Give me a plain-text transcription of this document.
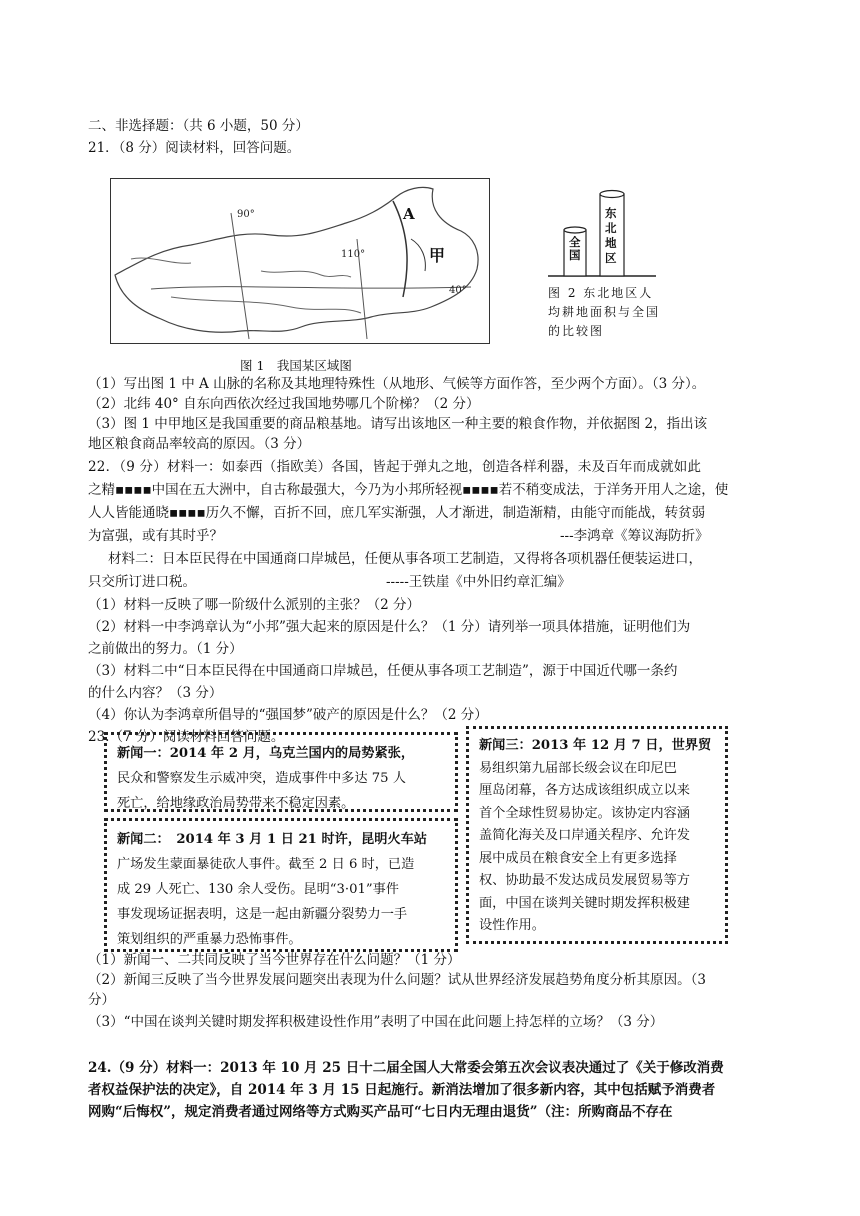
二、非选择题：（共 6 小题，50 分）
21．（8 分）阅读材料，回答问题。
90°
110°
40°
A
甲
图 1　我国某区域图
全国
东北地区
图 2 东北地区人均耕地面积与全国的比较图
（1）写出图 1 中 A 山脉的名称及其地理特殊性（从地形、气候等方面作答，至少两个方面）。（3 分）。
（2）北纬 40° 自东向西依次经过我国地势哪几个阶梯？（2 分）
（3）图 1 中甲地区是我国重要的商品粮基地。请写出该地区一种主要的粮食作物，并依据图 2，指出该
地区粮食商品率较高的原因。（3 分）
22．（9 分）材料一：如泰西（指欧美）各国，皆起于弹丸之地，创造各样利器，未及百年而成就如此
之精▪▪▪▪中国在五大洲中，自古称最强大，今乃为小邦所轻视▪▪▪▪若不稍变成法，于洋务开用人之途，使
人人皆能通晓▪▪▪▪历久不懈，百折不回，庶几军实渐强，人才渐进，制造渐精，由能守而能战，转贫弱
为富强，或有其时乎？	---李鸿章《筹议海防折》
材料二：日本臣民得在中国通商口岸城邑，任便从事各项工艺制造，又得将各项机器任便装运进口，
只交所订进口税。	-----王铁崖《中外旧约章汇编》
（1）材料一反映了哪一阶级什么派别的主张？（2 分）
（2）材料一中李鸿章认为“小邦”强大起来的原因是什么？（1 分）请列举一项具体措施，证明他们为
之前做出的努力。（1 分）
（3）材料二中“日本臣民得在中国通商口岸城邑，任便从事各项工艺制造”，源于中国近代哪一条约
的什么内容？（3 分）
（4）你认为李鸿章所倡导的“强国梦”破产的原因是什么？（2 分）
23.（7 分）阅读材料回答问题。

新闻一：2014 年 2 月，乌克兰国内的局势紧张，

民众和警察发生示威冲突，造成事件中多达 75 人

死亡，给地缘政治局势带来不稳定因素。

新闻二：　2014 年 3 月 1 日 21 时许，昆明火车站

广场发生蒙面暴徒砍人事件。截至 2 日 6 时，已造

成 29 人死亡、130 余人受伤。昆明“3·01”事件

事发现场证据表明，这是一起由新疆分裂势力一手

策划组织的严重暴力恐怖事件。

新闻三：2013 年 12 月 7 日，世界贸

易组织第九届部长级会议在印尼巴

厘岛闭幕，各方达成该组织成立以来

首个全球性贸易协定。该协定内容涵

盖简化海关及口岸通关程序、允许发

展中成员在粮食安全上有更多选择

权、协助最不发达成员发展贸易等方

面，中国在谈判关键时期发挥积极建

设性作用。

（1）新闻一、二共同反映了当今世界存在什么问题？（1 分）
（2）新闻三反映了当今世界发展问题突出表现为什么问题？试从世界经济发展趋势角度分析其原因。（3
分）
（3）“中国在谈判关键时期发挥积极建设性作用”表明了中国在此问题上持怎样的立场？（3 分）
24.（9 分）材料一：2013 年 10 月 25 日十二届全国人大常委会第五次会议表决通过了《关于修改消费
者权益保护法的决定》，自 2014 年 3 月 15 日起施行。新消法增加了很多新内容，其中包括赋予消费者
网购“后悔权”，规定消费者通过网络等方式购买产品可“七日内无理由退货”（注：所购商品不存在
